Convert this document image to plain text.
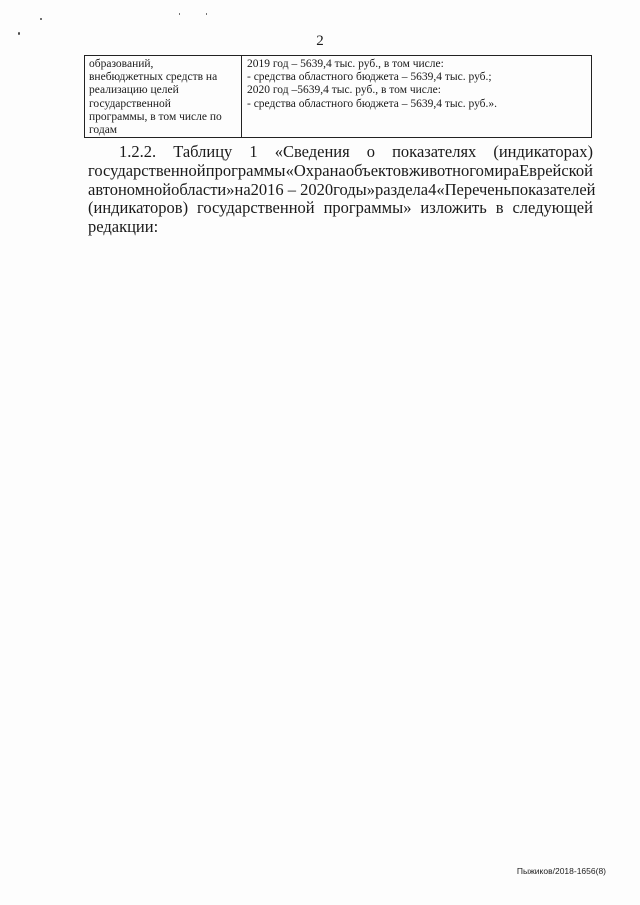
2
образований,
внебюджетных средств на
реализацию целей
государственной
программы, в том числе по
годам

2019 год – 5639,4 тыс. руб., в том числе:
- средства областного бюджета – 5639,4 тыс. руб.;
2020 год –5639,4 тыс. руб., в том числе:
- средства областного бюджета – 5639,4 тыс. руб.».
1.2.2. Таблицу 1 «Сведения о показателях (индикаторах)
государственной программы «Охрана объектов животного мира Еврейской
автономной области» на 2016 – 2020 годы» раздела 4 «Перечень показателей
(индикаторов) государственной программы» изложить в следующей
редакции:
Пыжиков/2018-1656(8)
